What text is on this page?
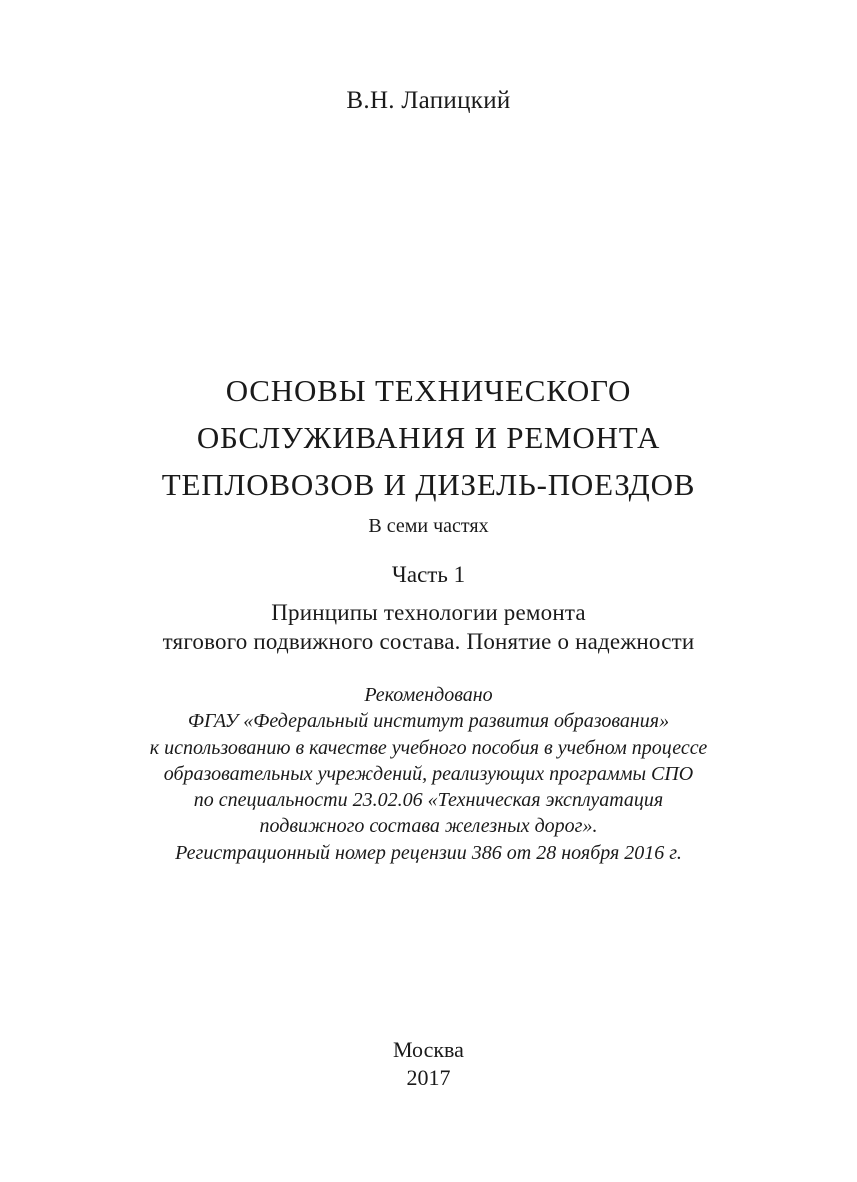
В.Н. Лапицкий
ОСНОВЫ ТЕХНИЧЕСКОГО
ОБСЛУЖИВАНИЯ И РЕМОНТА
ТЕПЛОВОЗОВ И ДИЗЕЛЬ-ПОЕЗДОВ
В семи частях
Часть 1
Принципы технологии ремонта
тягового подвижного состава. Понятие о надежности
Рекомендовано
ФГАУ «Федеральный институт развития образования»
к использованию в качестве учебного пособия в учебном процессе
образовательных учреждений, реализующих программы СПО
по специальности 23.02.06 «Техническая эксплуатация
подвижного состава железных дорог».
Регистрационный номер рецензии 386 от 28 ноября 2016 г.
Москва
2017
